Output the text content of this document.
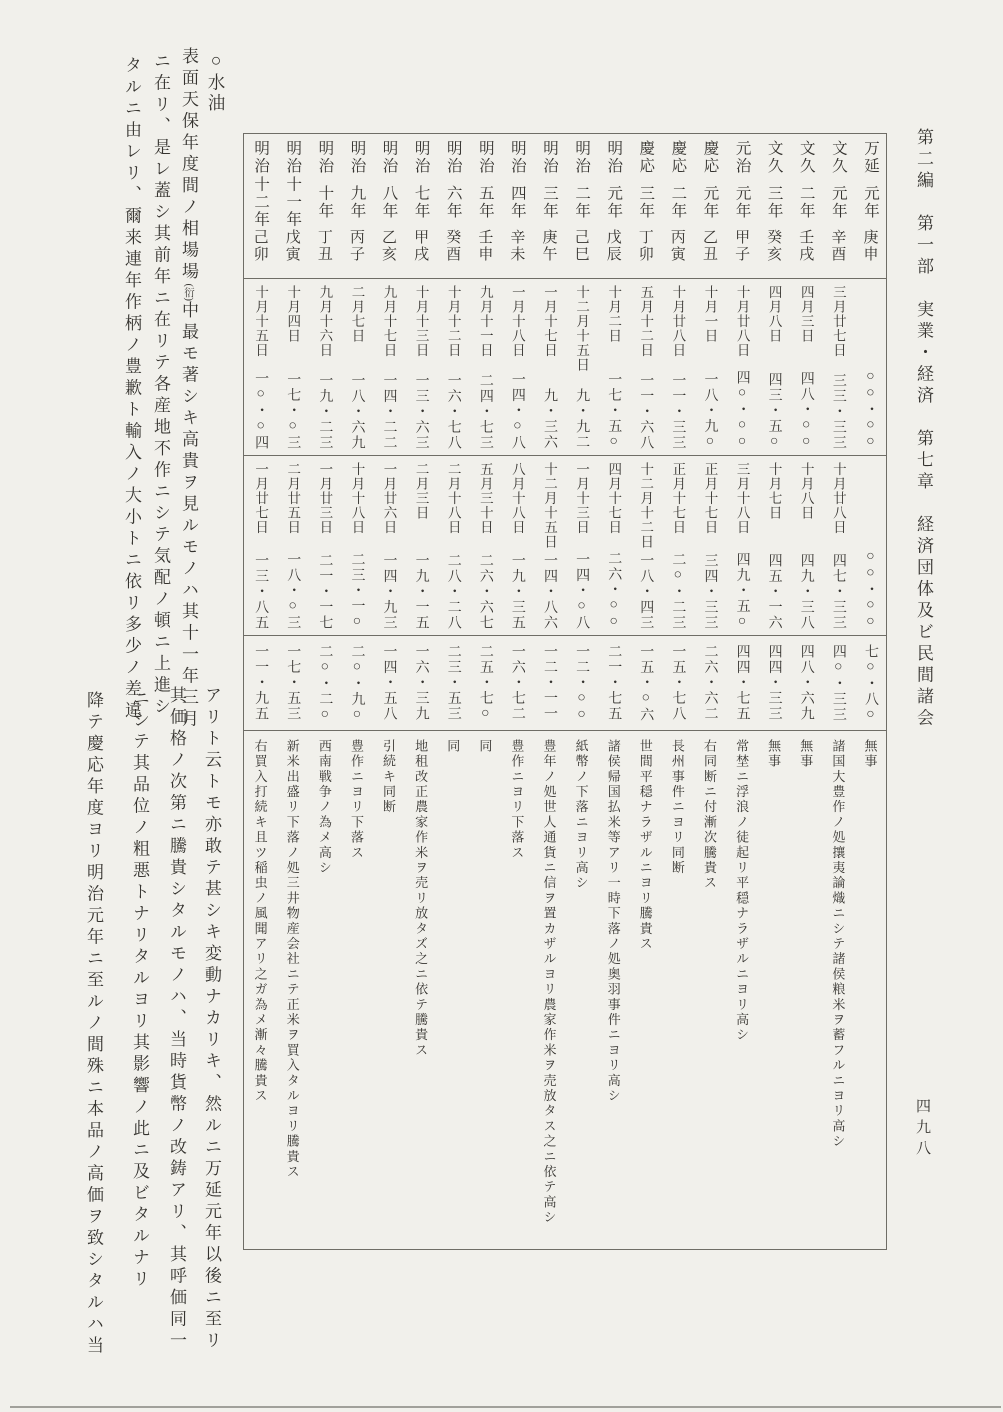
第二編　第一部　実業・経済　第七章　経済団体及ビ民間諸会
四九八
万延
元年
庚申
○○・○○
○○・○○
七○・八○
無事
文久
元年
辛酉
三月廿七日
三三・三三
十月廿八日
四七・三三
四○・三三
諸国大豊作ノ処攘夷論熾ニシテ諸侯粮米ヲ蓄フルニヨリ高シ
文久
二年
壬戌
四月三日
四八・○○
十月八日
四九・三八
四八・六九
無事
文久
三年
癸亥
四月八日
四三・五○
十月七日
四五・一六
四四・三三
無事
元治
元年
甲子
十月廿八日
四○・○○
三月十八日
四九・五○
四四・七五
常埜ニ浮浪ノ徒起リ平穏ナラザルニヨリ高シ
慶応
元年
乙丑
十月一日
一八・九○
正月十七日
三四・三三
二六・六二
右同断ニ付漸次騰貴ス
慶応
二年
丙寅
十月廿八日
一一・三三
正月十七日
二○・二三
一五・七八
長州事件ニヨリ同断
慶応
三年
丁卯
五月十二日
一一・六八
十二月十二日
一八・四三
一五・○六
世間平穏ナラザルニヨリ騰貴ス
明治
元年
戊辰
十月二日
一七・五○
四月十七日
二六・○○
二一・七五
諸侯帰国払米等アリ一時下落ノ処奥羽事件ニヨリ高シ
明治
二年
己巳
十二月十五日
九・九二
一月十三日
一四・○八
一二・○○
紙幣ノ下落ニヨリ高シ
明治
三年
庚午
一月十七日
九・三六
十二月十五日
一四・八六
一二・一一
豊年ノ処世人通貨ニ信ヲ置カザルヨリ農家作米ヲ売放タス之ニ依テ高シ
明治
四年
辛未
一月十八日
一四・○八
八月十八日
一九・三五
一六・七二
豊作ニヨリ下落ス
明治
五年
壬申
九月十一日
二四・七三
五月三十日
二六・六七
二五・七○
同
明治
六年
癸酉
十月十二日
一六・七八
二月十八日
二八・二八
二三・五三
同
明治
七年
甲戌
十月十三日
一三・六三
二月三日
一九・一五
一六・三九
地租改正農家作米ヲ売リ放タズ之ニ依テ騰貴ス
明治
八年
乙亥
九月十七日
一四・二二
一月廿六日
一四・九三
一四・五八
引続キ同断
明治
九年
丙子
二月七日
一八・六九
十月十八日
二三・一○
二○・九○
豊作ニヨリ下落ス
明治
十年
丁丑
九月十六日
一九・二三
一月廿三日
二一・一七
二○・二○
西南戦争ノ為メ高シ
明治
十一年
戊寅
十月四日
一七・○三
二月廿五日
一八・○三
一七・五三
新米出盛リ下落ノ処三井物産会社ニテ正米ヲ買入タルヨリ騰貴ス
明治
十二年
己卯
十月十五日
一○・○四
一月廿七日
一三・八五
一一・九五
右買入打続キ且ツ稲虫ノ風聞アリ之ガ為メ漸々騰貴ス
○水油
表面天保年度間ノ相場場(衍)中最モ著シキ高貴ヲ見ルモノハ其十一年三月
ニ在リ、是レ蓋シ其前年ニ在リテ各産地不作ニシテ気配ノ頓ニ上進シ
タルニ由レリ、爾来連年作柄ノ豊歉ト輸入ノ大小トニ依リ多少ノ差違
アリト云トモ亦敢テ甚シキ変動ナカリキ、然ルニ万延元年以後ニ至リ
其価格ノ次第ニ騰貴シタルモノハ、当時貨幣ノ改鋳アリ、其呼価同一
ニシテ其品位ノ粗悪トナリタルヨリ其影響ノ此ニ及ビタルナリ
降テ慶応年度ヨリ明治元年ニ至ルノ間殊ニ本品ノ高価ヲ致シタルハ当
